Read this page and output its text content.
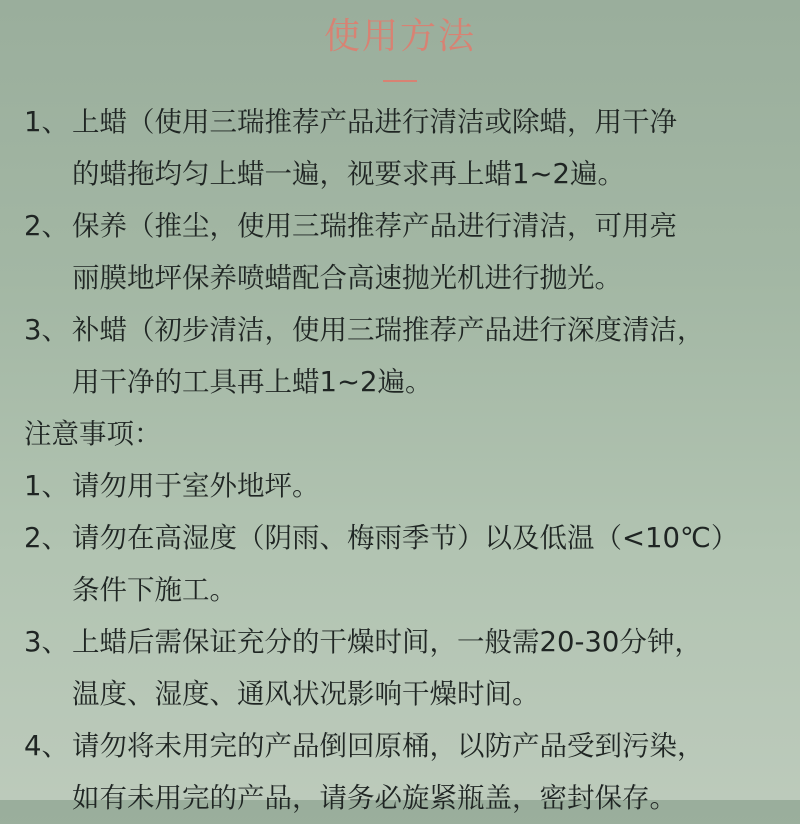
使用方法
1、 上蜡（使用三瑞推荐产品进行清洁或除蜡，用干净
的蜡拖均匀上蜡一遍，视要求再上蜡1~2遍。
2、 保养（推尘，使用三瑞推荐产品进行清洁，可用亮
丽膜地坪保养喷蜡配合高速抛光机进行抛光。
3、 补蜡（初步清洁，使用三瑞推荐产品进行深度清洁，
用干净的工具再上蜡1~2遍。
注意事项：
1、 请勿用于室外地坪。
2、 请勿在高湿度（阴雨、梅雨季节）以及低温（<10℃）
条件下施工。
3、 上蜡后需保证充分的干燥时间，一般需20-30分钟，
温度、湿度、通风状况影响干燥时间。
4、 请勿将未用完的产品倒回原桶，以防产品受到污染，
如有未用完的产品，请务必旋紧瓶盖，密封保存。
